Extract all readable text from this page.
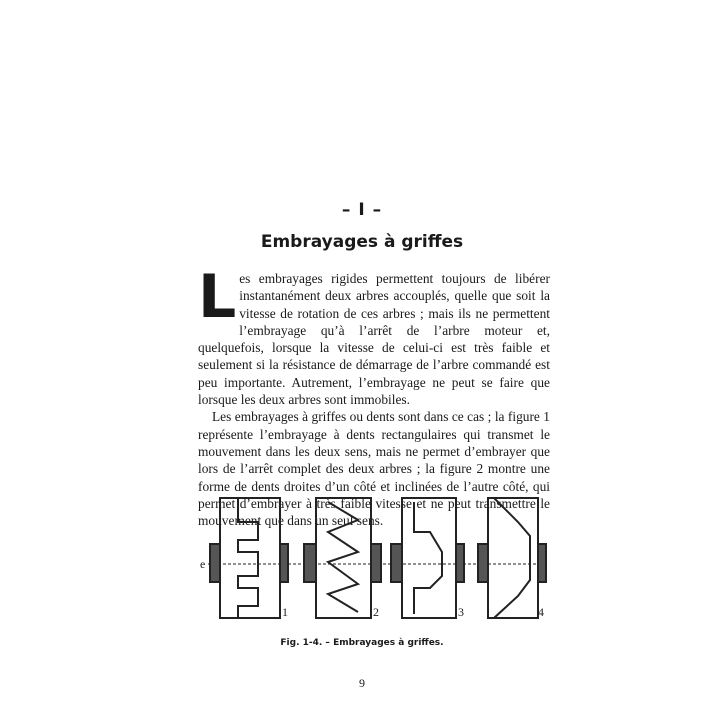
– I –
Embrayages à griffes

Les embrayages rigides permettent toujours de libérer instantanément deux arbres accouplés, quelle que soit la vitesse de rotation de ces arbres ; mais ils ne permettent l’embrayage qu’à l’arrêt de l’arbre moteur et, quelquefois, lorsque la vitesse de celui-ci est très faible et seulement si la résistance de démarrage de l’arbre commandé est peu importante. Autrement, l’embrayage ne peut se faire que lorsque les deux arbres sont immobiles.

Les embrayages à griffes ou dents sont dans ce cas ; la figure 1 représente l’embrayage à dents rectangulaires qui transmet le mouvement dans les deux sens, mais ne permet d’embrayer que lors de l’arrêt complet des deux arbres ; la figure 2 montre une forme de dents droites d’un côté et inclinées de l’autre côté, qui permet d’embrayer à très faible vitesse et ne peut transmettre le mouvement que dans un seul sens.

1	2	3	4
e
Fig. 1-4. – Embrayages à griffes.
9
